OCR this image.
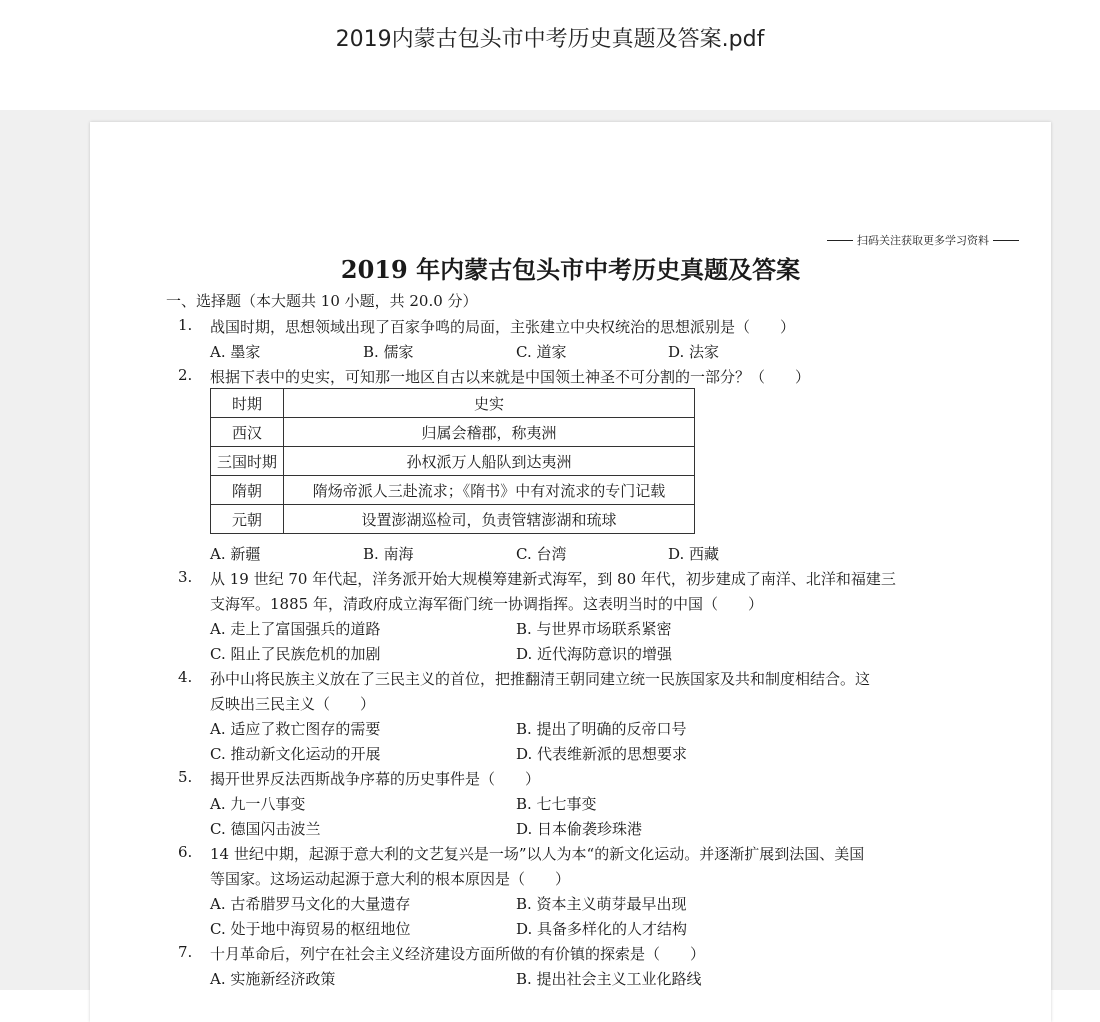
2019内蒙古包头市中考历史真题及答案.pdf
扫码关注获取更多学习资料
2019 年内蒙古包头市中考历史真题及答案
一、选择题（本大题共 10 小题，共 20.0 分）
1. 战国时期，思想领域出现了百家争鸣的局面，主张建立中央权统治的思想派别是（　　）
A. 墨家	B. 儒家	C. 道家	D. 法家
2. 根据下表中的史实，可知那一地区自古以来就是中国领土神圣不可分割的一部分？（　　）
时期	史实
西汉	归属会稽郡，称夷洲
三国时期	孙权派万人船队到达夷洲
隋朝	隋炀帝派人三赴流求；《隋书》中有对流求的专门记载
元朝	设置澎湖巡检司，负责管辖澎湖和琉球
A. 新疆	B. 南海	C. 台湾	D. 西藏
3. 从 19 世纪 70 年代起，洋务派开始大规模筹建新式海军，到 80 年代，初步建成了南洋、北洋和福建三
支海军。1885 年，清政府成立海军衙门统一协调指挥。这表明当时的中国（　　）
A. 走上了富国强兵的道路	B. 与世界市场联系紧密
C. 阻止了民族危机的加剧	D. 近代海防意识的增强
4. 孙中山将民族主义放在了三民主义的首位，把推翻清王朝同建立统一民族国家及共和制度相结合。这
反映出三民主义（　　）
A. 适应了救亡图存的需要	B. 提出了明确的反帝口号
C. 推动新文化运动的开展	D. 代表维新派的思想要求
5. 揭开世界反法西斯战争序幕的历史事件是（　　）
A. 九一八事变	B. 七七事变
C. 德国闪击波兰	D. 日本偷袭珍珠港
6. 14 世纪中期，起源于意大利的文艺复兴是一场”以人为本“的新文化运动。并逐渐扩展到法国、美国
等国家。这场运动起源于意大利的根本原因是（　　）
A. 古希腊罗马文化的大量遗存	B. 资本主义萌芽最早出现
C. 处于地中海贸易的枢纽地位	D. 具备多样化的人才结构
7. 十月革命后，列宁在社会主义经济建设方面所做的有价镇的探索是（　　）
A. 实施新经济政策	B. 提出社会主义工业化路线
